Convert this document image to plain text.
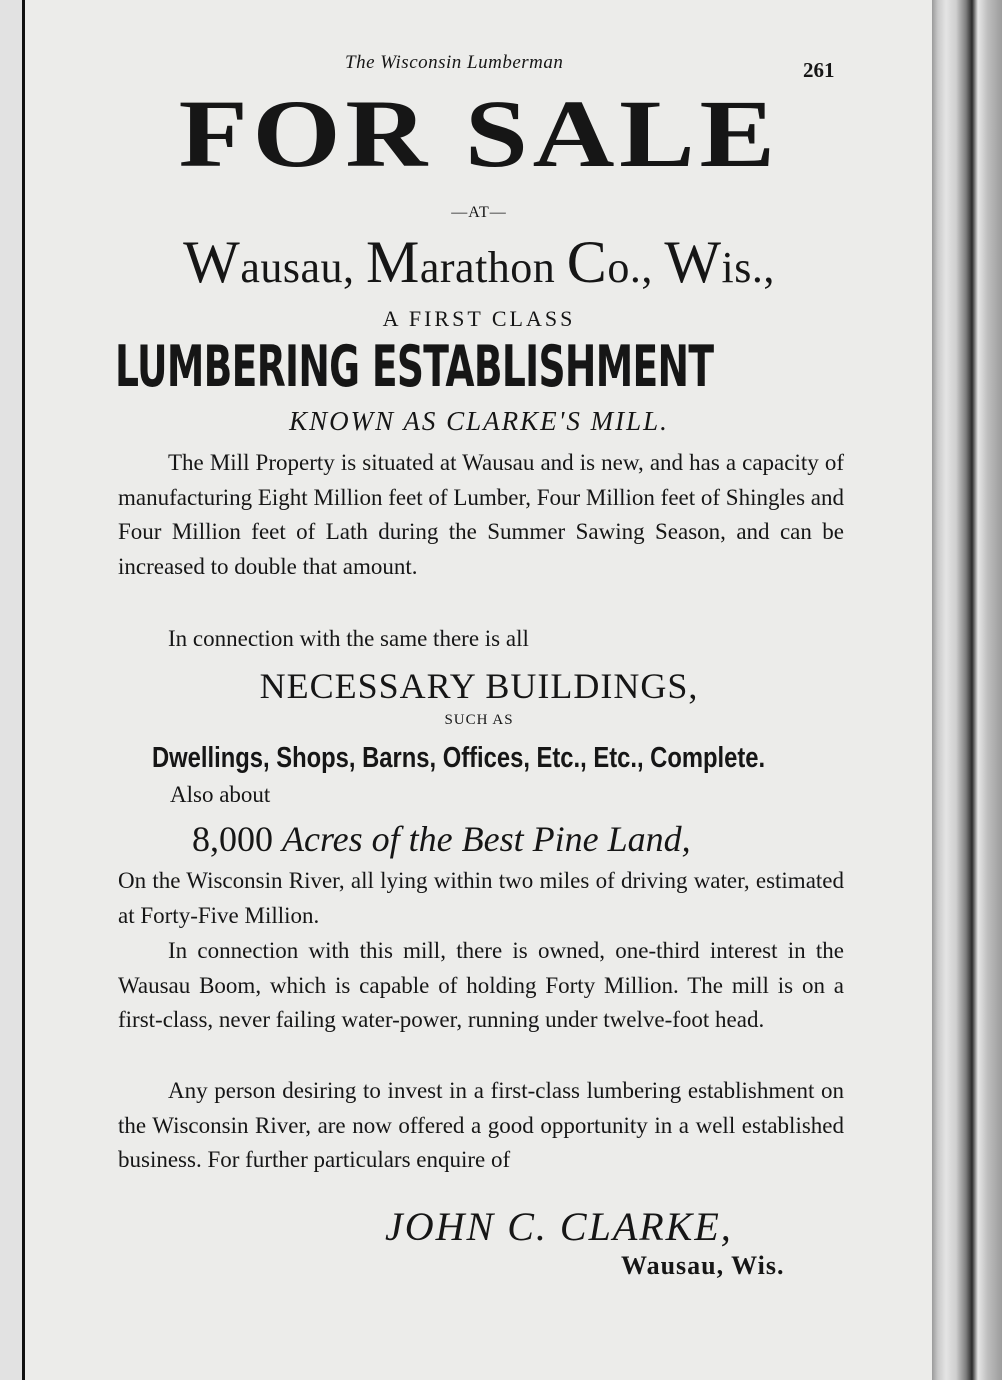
The Wisconsin Lumberman	261
FOR SALE
—AT—
Wausau, Marathon Co., Wis.,
A FIRST CLASS
LUMBERING ESTABLISHMENT
KNOWN AS CLARKE'S MILL.
The Mill Property is situated at Wausau and is new, and has a capacity of manufacturing Eight Million feet of Lumber, Four Million feet of Shingles and Four Million feet of Lath during the Summer Sawing Season, and can be increased to double that amount.
In connection with the same there is all
NECESSARY BUILDINGS,
SUCH AS
Dwellings, Shops, Barns, Offices, Etc., Etc., Complete.
Also about
8,000 Acres of the Best Pine Land,
On the Wisconsin River, all lying within two miles of driving water, estimated at Forty-Five Million.
In connection with this mill, there is owned, one-third interest in the Wausau Boom, which is capable of holding Forty Million. The mill is on a first-class, never failing water-power, running under twelve-foot head.
Any person desiring to invest in a first-class lumbering establishment on the Wisconsin River, are now offered a good opportunity in a well established business. For further particulars enquire of
JOHN C. CLARKE,
Wausau, Wis.
